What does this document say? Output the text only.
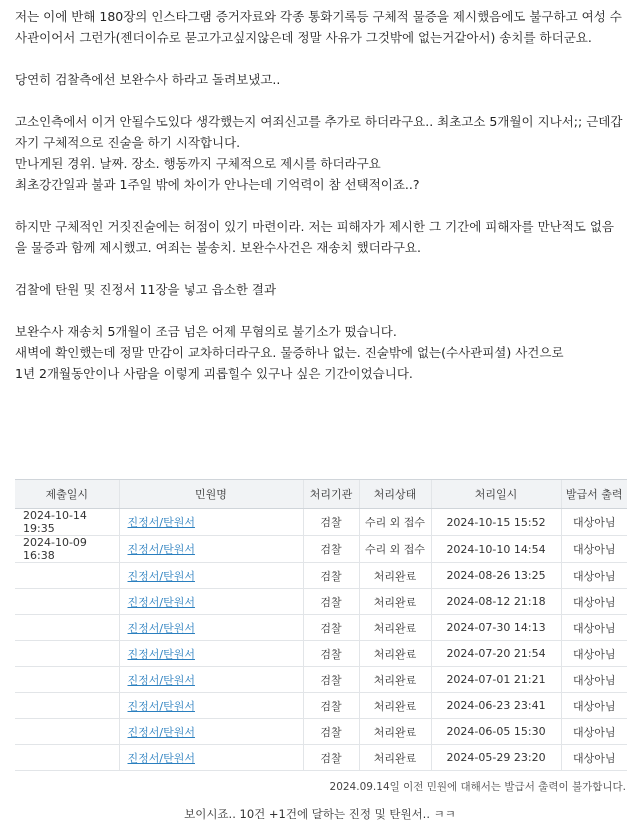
저는 이에 반해 180장의 인스타그램 증거자료와 각종 통화기록등 구체적 물증을 제시했음에도 불구하고 여성 수사관이어서 그런가(젠더이슈로 묻고가고싶지않은데 정말 사유가 그것밖에 없는거같아서) 송치를 하더군요.

당연히 검찰측에선 보완수사 하라고 돌려보냈고..

고소인측에서 이거 안될수도있다 생각했는지 여죄신고를 추가로 하더라구요.. 최초고소 5개월이 지나서;; 근데갑자기 구체적으로 진술을 하기 시작합니다.
만나게된 경위. 날짜. 장소. 행동까지 구체적으로 제시를 하더라구요
최초강간일과 불과 1주일 밖에 차이가 안나는데 기억력이 참 선택적이죠..?

하지만 구체적인 거짓진술에는 허점이 있기 마련이라. 저는 피해자가 제시한 그 기간에 피해자를 만난적도 없음을 물증과 함께 제시했고. 여죄는 불송치. 보완수사건은 재송치 했더라구요.

검찰에 탄원 및 진정서 11장을 넣고 읍소한 결과

보완수사 재송치 5개월이 조금 넘은 어제 무혐의로 불기소가 떴습니다.
새벽에 확인했는데 정말 만감이 교차하더라구요. 물증하나 없는. 진술밖에 없는(수사관피셜) 사건으로
1년 2개월동안이나 사람을 이렇게 괴롭힐수 있구나 싶은 기간이었습니다.

제출일시	민원명	처리기관	처리상태	처리일시	발급서 출력
2024-10-14 19:35	진정서/탄원서	검찰	수리 외 접수	2024-10-15 15:52	대상아님
2024-10-09 16:38	진정서/탄원서	검찰	수리 외 접수	2024-10-10 14:54	대상아님
	진정서/탄원서	검찰	처리완료	2024-08-26 13:25	대상아님
	진정서/탄원서	검찰	처리완료	2024-08-12 21:18	대상아님
	진정서/탄원서	검찰	처리완료	2024-07-30 14:13	대상아님
	진정서/탄원서	검찰	처리완료	2024-07-20 21:54	대상아님
	진정서/탄원서	검찰	처리완료	2024-07-01 21:21	대상아님
	진정서/탄원서	검찰	처리완료	2024-06-23 23:41	대상아님
	진정서/탄원서	검찰	처리완료	2024-06-05 15:30	대상아님
	진정서/탄원서	검찰	처리완료	2024-05-29 23:20	대상아님
2024.09.14일 이전 민원에 대해서는 발급서 출력이 불가합니다.
보이시죠.. 10건 +1건에 달하는 진정 및 탄원서.. ㅋㅋ
